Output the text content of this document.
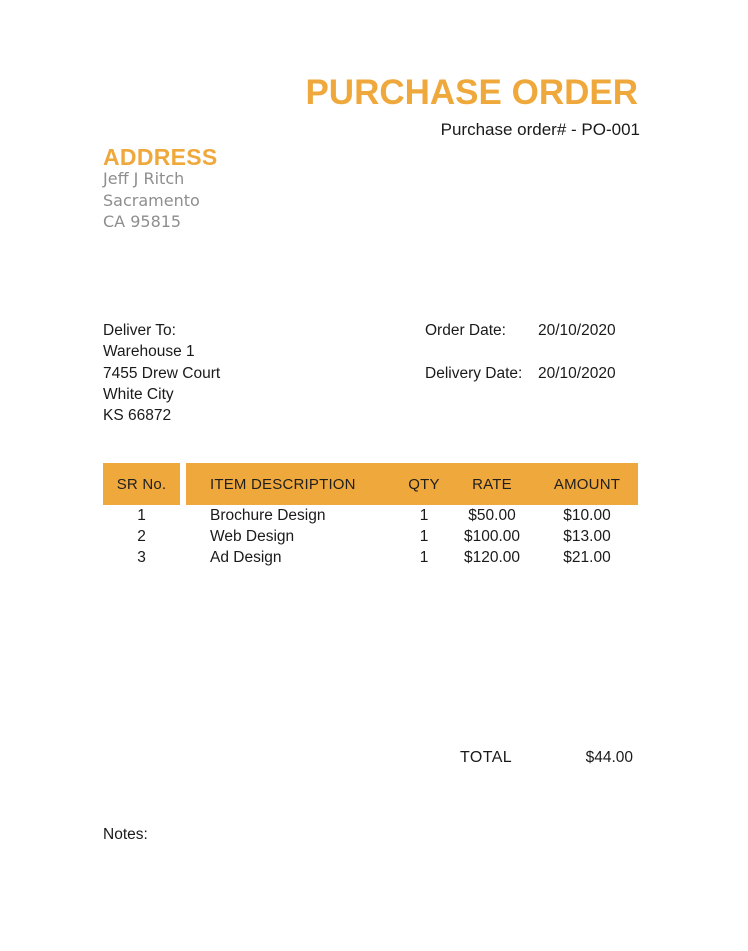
PURCHASE ORDER
Purchase order# - PO-001
ADDRESS
Jeff J Ritch
Sacramento
CA 95815
Deliver To:
Warehouse 1
7455 Drew Court
White City
KS 66872
Order Date: 20/10/2020
Delivery Date: 20/10/2020
SR No.	ITEM DESCRIPTION	QTY	RATE	AMOUNT
1	Brochure Design	1	$50.00	$10.00
2	Web Design	1	$100.00	$13.00
3	Ad Design	1	$120.00	$21.00
TOTAL	$44.00
Notes:
